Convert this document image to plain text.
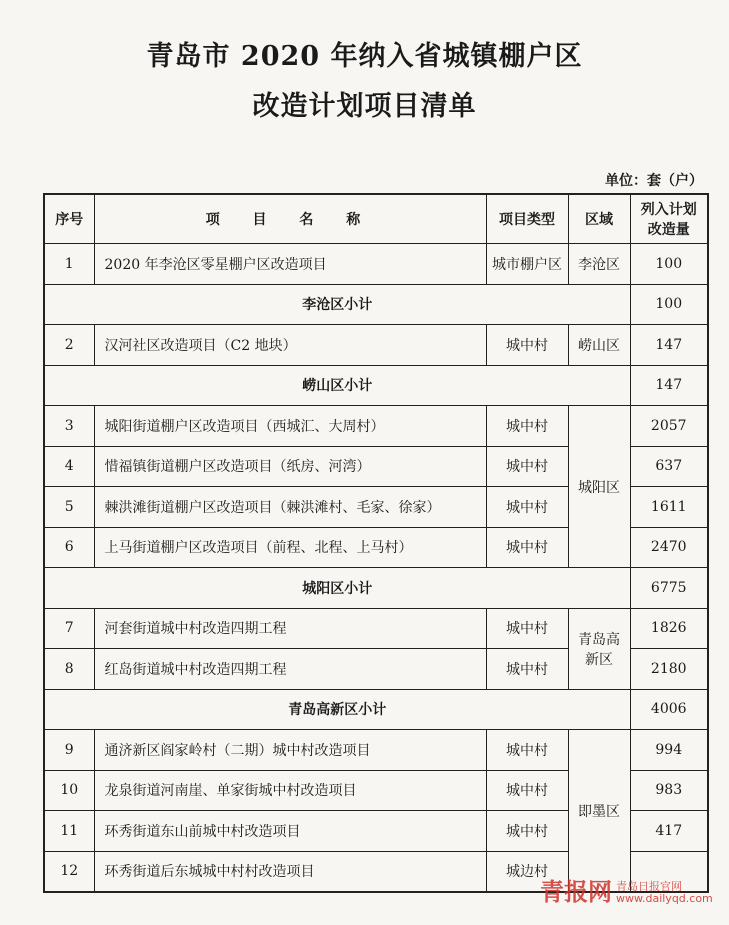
青岛市 2020 年纳入省城镇棚户区
改造计划项目清单
单位：套（户）
序号	项 目 名 称	项目类型	区域	列入计划改造量
1	2020 年李沧区零星棚户区改造项目	城市棚户区	李沧区	100
李沧区小计				100
2	汉河社区改造项目（C2 地块）	城中村	崂山区	147
崂山区小计				147
3	城阳街道棚户区改造项目（西城汇、大周村）	城中村	城阳区	2057
4	惜福镇街道棚户区改造项目（纸房、河湾）	城中村		637
5	棘洪滩街道棚户区改造项目（棘洪滩村、毛家、徐家）	城中村		1611
6	上马街道棚户区改造项目（前程、北程、上马村）	城中村		2470
城阳区小计				6775
7	河套街道城中村改造四期工程	城中村	青岛高新区	1826
8	红岛街道城中村改造四期工程	城中村		2180
青岛高新区小计				4006
9	通济新区阎家岭村（二期）城中村改造项目	城中村	即墨区	994
10	龙泉街道河南崖、单家街城中村改造项目	城中村		983
11	环秀街道东山前城中村改造项目	城中村		417
12	环秀街道后东城城中村村改造项目	城边村		
青报网 青岛日报官网
www.dailyqd.com
